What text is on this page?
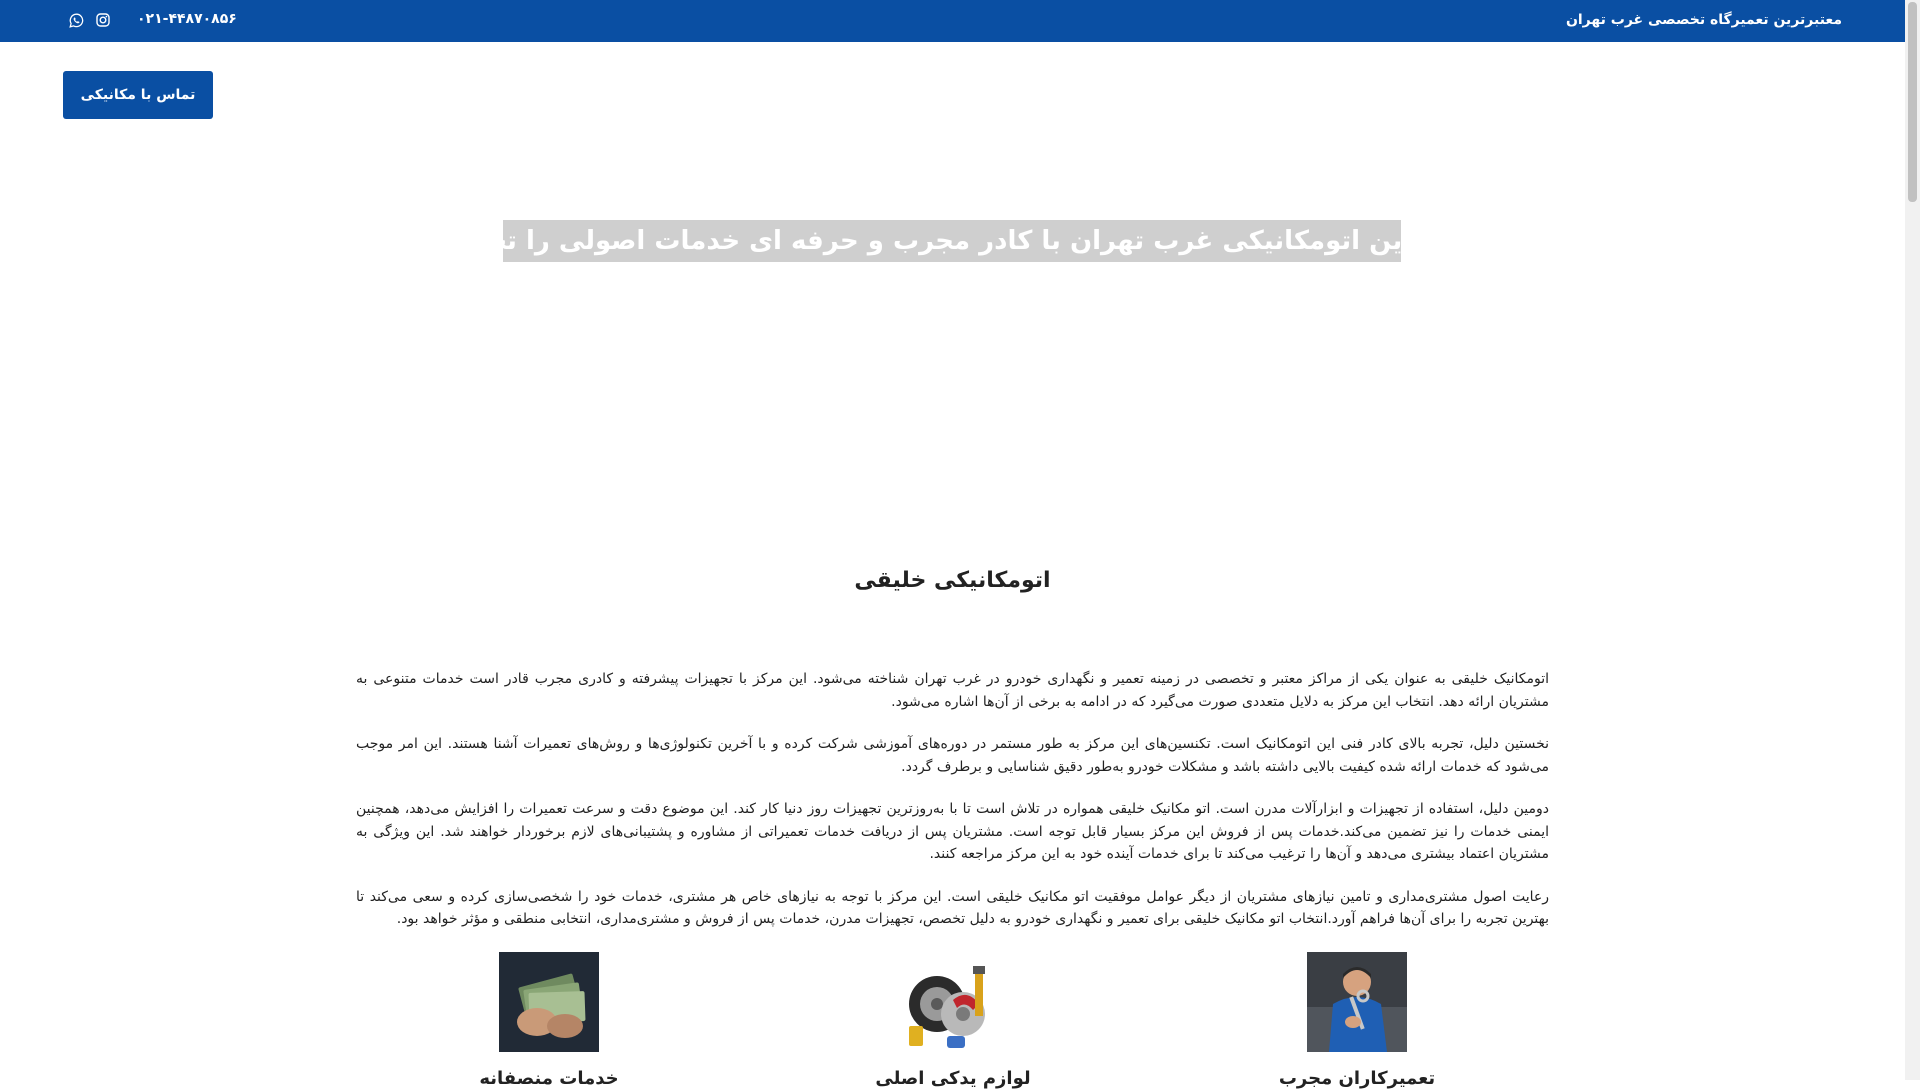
معتبرترین تعمیرگاه تخصصی غرب تهران
۰۲۱-۴۴۸۷۰۸۵۶
تماس با مکانیکی
بزرگ ترین اتومکانیکی غرب تهران با کادر مجرب و حرفه ای خدمات اصولی را تجربه کن
اتومکانیکی خلیقی

اتومکانیک خلیقی به عنوان یکی از مراکز معتبر و تخصصی در زمینه تعمیر و نگهداری خودرو در غرب تهران شناخته می‌شود. این مرکز با تجهیزات پیشرفته و کادری مجرب قادر است خدمات متنوعی به مشتریان ارائه دهد. انتخاب این مرکز به دلایل متعددی صورت می‌گیرد که در ادامه به برخی از آن‌ها اشاره می‌شود.

نخستین دلیل، تجربه بالای کادر فنی این اتومکانیک است. تکنسین‌های این مرکز به طور مستمر در دوره‌های آموزشی شرکت کرده و با آخرین تکنولوژی‌ها و روش‌های تعمیرات آشنا هستند. این امر موجب می‌شود که خدمات ارائه شده کیفیت بالایی داشته باشد و مشکلات خودرو به‌طور دقیق شناسایی و برطرف گردد.

دومین دلیل، استفاده از تجهیزات و ابزارآلات مدرن است. اتو مکانیک خلیقی همواره در تلاش است تا با به‌روزترین تجهیزات روز دنیا کار کند. این موضوع دقت و سرعت تعمیرات را افزایش می‌دهد، همچنین ایمنی خدمات را نیز تضمین می‌کند.خدمات پس از فروش این مرکز بسیار قابل توجه است. مشتریان پس از دریافت خدمات تعمیراتی از مشاوره و پشتیبانی‌های لازم برخوردار خواهند شد. این ویژگی به مشتریان اعتماد بیشتری می‌دهد و آن‌ها را ترغیب می‌کند تا برای خدمات آینده خود به این مرکز مراجعه کنند.

رعایت اصول مشتری‌مداری و تامین نیازهای مشتریان از دیگر عوامل موفقیت اتو مکانیک خلیقی است. این مرکز با توجه به نیازهای خاص هر مشتری، خدمات خود را شخصی‌سازی کرده و سعی می‌کند تا بهترین تجربه را برای آن‌ها فراهم آورد.انتخاب اتو مکانیک خلیقی برای تعمیر و نگهداری خودرو به دلیل تخصص، تجهیزات مدرن، خدمات پس از فروش و مشتری‌مداری، انتخابی منطقی و مؤثر خواهد بود.

خدمات منصفانه	لوازم یدکی اصلی	تعمیرکاران مجرب
